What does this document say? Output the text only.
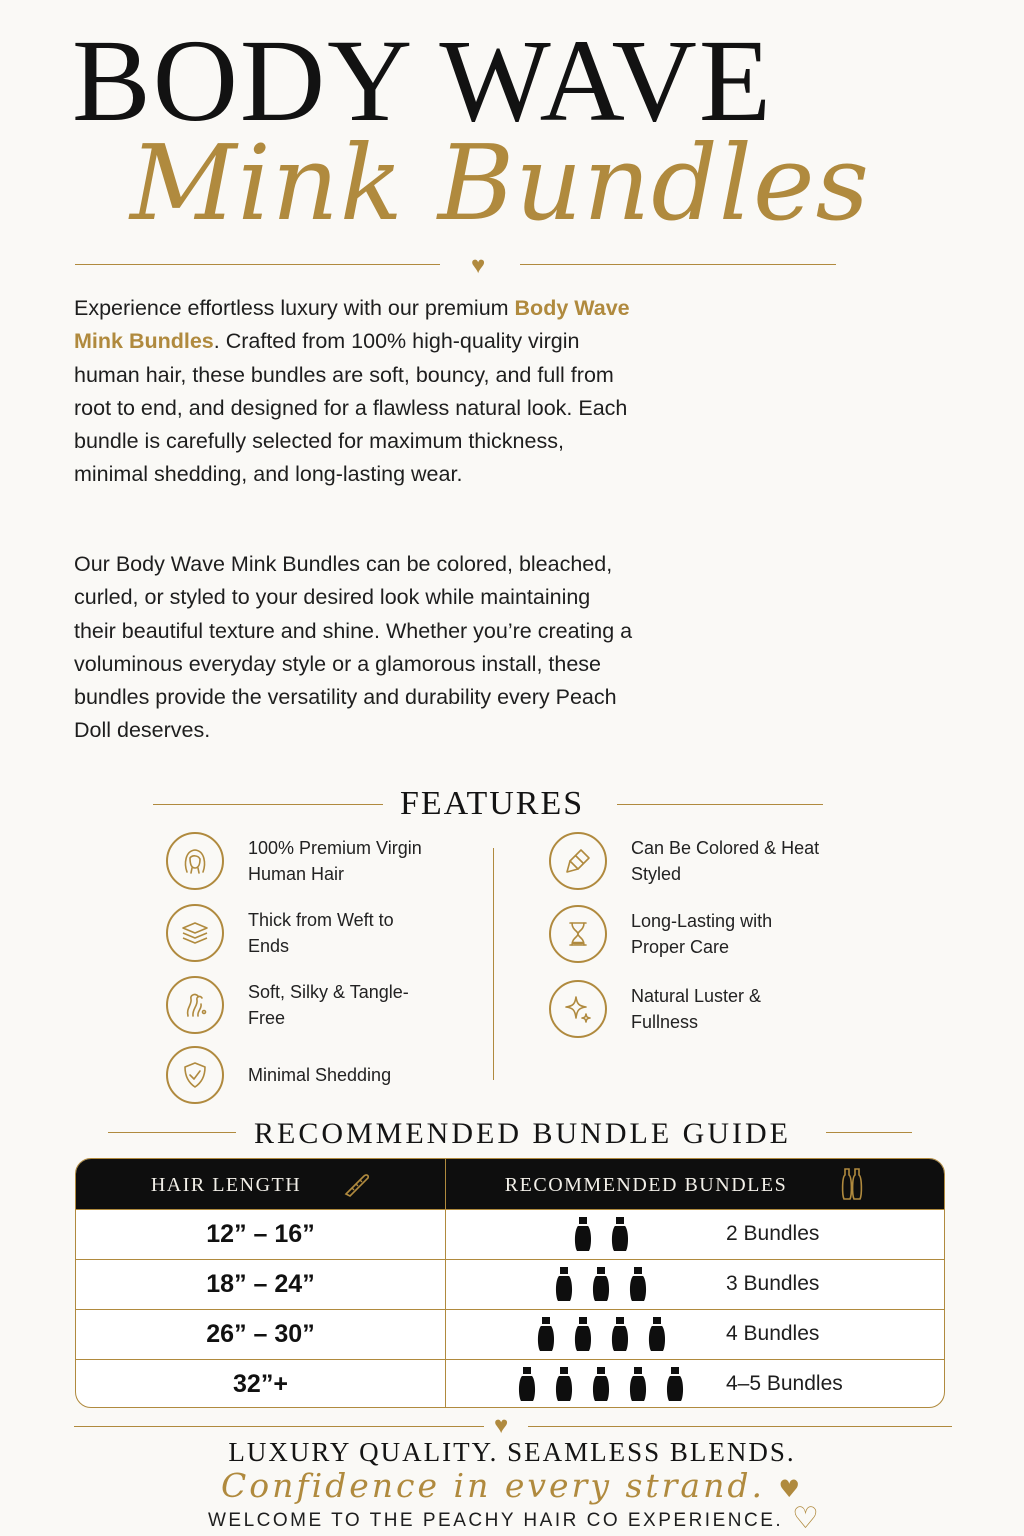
BODY WAVE
Mink Bundles
♥
Experience effortless luxury with our premium Body Wave Mink Bundles. Crafted from 100% high-quality virgin human hair, these bundles are soft, bouncy, and full from root to end, and designed for a flawless natural look. Each bundle is carefully selected for maximum thickness, minimal shedding, and long-lasting wear.
Our Body Wave Mink Bundles can be colored, bleached, curled, or styled to your desired look while maintaining their beautiful texture and shine. Whether you’re creating a voluminous everyday style or a glamorous install, these bundles provide the versatility and durability every Peach Doll deserves.
FEATURES
100% Premium Virgin Human Hair
Thick from Weft to Ends
Soft, Silky & Tangle-Free
Minimal Shedding
Can Be Colored & Heat Styled
Long-Lasting with Proper Care
Natural Luster & Fullness
RECOMMENDED BUNDLE GUIDE
HAIR LENGTH	RECOMMENDED BUNDLES
12” – 16”	2 Bundles
18” – 24”	3 Bundles
26” – 30”	4 Bundles
32”+	4–5 Bundles
♥
LUXURY QUALITY. SEAMLESS BLENDS.
Confidence in every strand. ♥
WELCOME TO THE PEACHY HAIR CO EXPERIENCE. ♡
